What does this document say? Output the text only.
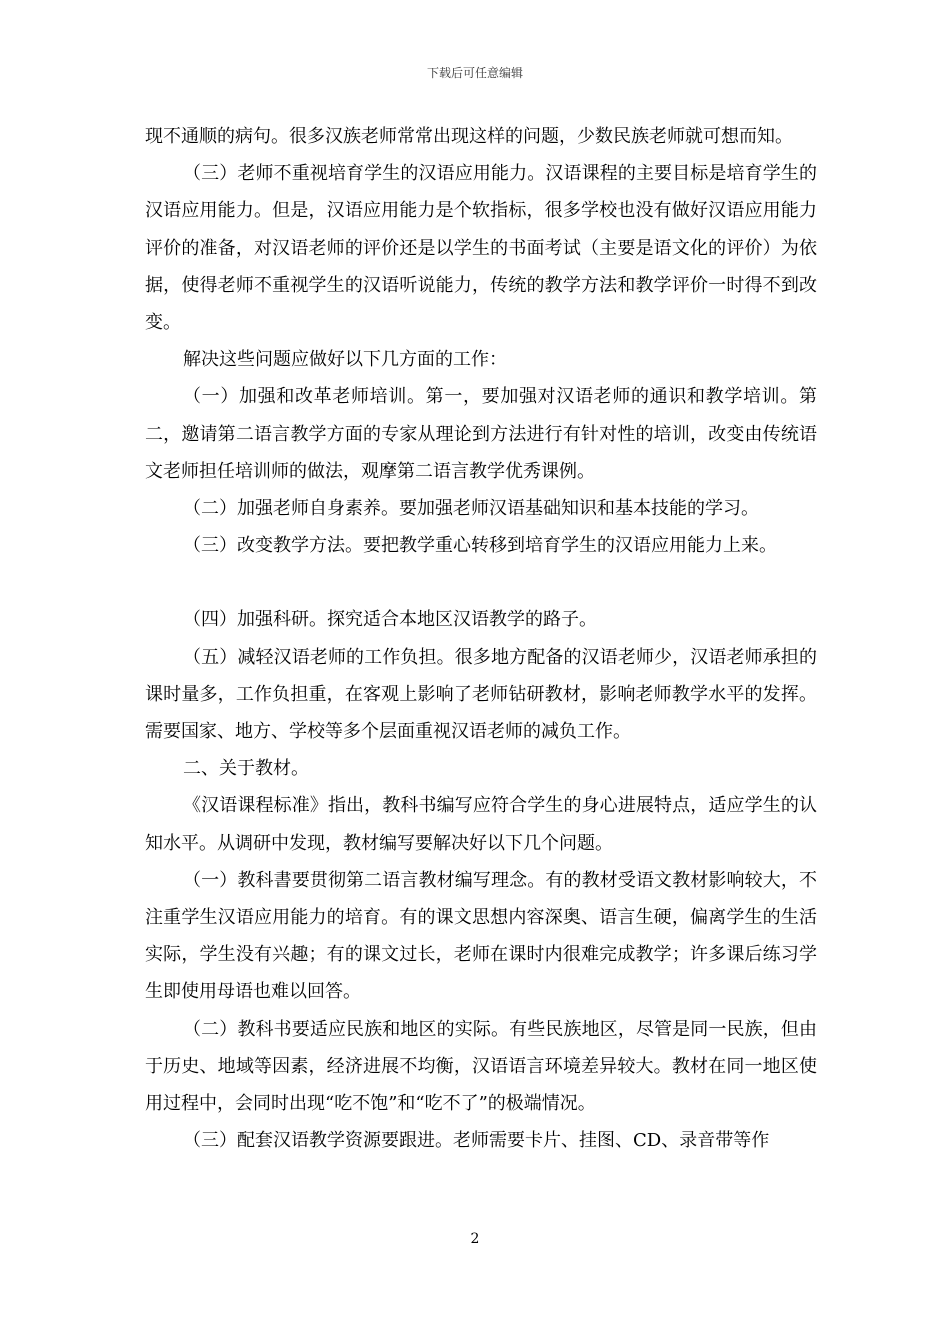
下载后可任意编辑

现不通顺的病句。很多汉族老师常常出现这样的问题，少数民族老师就可想而知。

（三）老师不重视培育学生的汉语应用能力。汉语课程的主要目标是培育学生的汉语应用能力。但是，汉语应用能力是个软指标，很多学校也没有做好汉语应用能力评价的准备，对汉语老师的评价还是以学生的书面考试（主要是语文化的评价）为依据，使得老师不重视学生的汉语听说能力，传统的教学方法和教学评价一时得不到改变。

解决这些问题应做好以下几方面的工作：

（一）加强和改革老师培训。第一，要加强对汉语老师的通识和教学培训。第二，邀请第二语言教学方面的专家从理论到方法进行有针对性的培训，改变由传统语文老师担任培训师的做法，观摩第二语言教学优秀课例。

（二）加强老师自身素养。要加强老师汉语基础知识和基本技能的学习。

（三）改变教学方法。要把教学重心转移到培育学生的汉语应用能力上来。

（四）加强科研。探究适合本地区汉语教学的路子。

（五）减轻汉语老师的工作负担。很多地方配备的汉语老师少，汉语老师承担的课时量多，工作负担重，在客观上影响了老师钻研教材，影响老师教学水平的发挥。需要国家、地方、学校等多个层面重视汉语老师的减负工作。

二、关于教材。

《汉语课程标准》指出，教科书编写应符合学生的身心进展特点，适应学生的认知水平。从调研中发现，教材编写要解决好以下几个问题。

（一）教科書要贯彻第二语言教材编写理念。有的教材受语文教材影响较大，不注重学生汉语应用能力的培育。有的课文思想内容深奥、语言生硬，偏离学生的生活实际，学生没有兴趣；有的课文过长，老师在课时内很难完成教学；许多课后练习学生即使用母语也难以回答。

（二）教科书要适应民族和地区的实际。有些民族地区，尽管是同一民族，但由于历史、地域等因素，经济进展不均衡，汉语语言环境差异较大。教材在同一地区使用过程中，会同时出现“吃不饱”和“吃不了”的极端情况。

（三）配套汉语教学资源要跟进。老师需要卡片、挂图、CD、录音带等作

2
